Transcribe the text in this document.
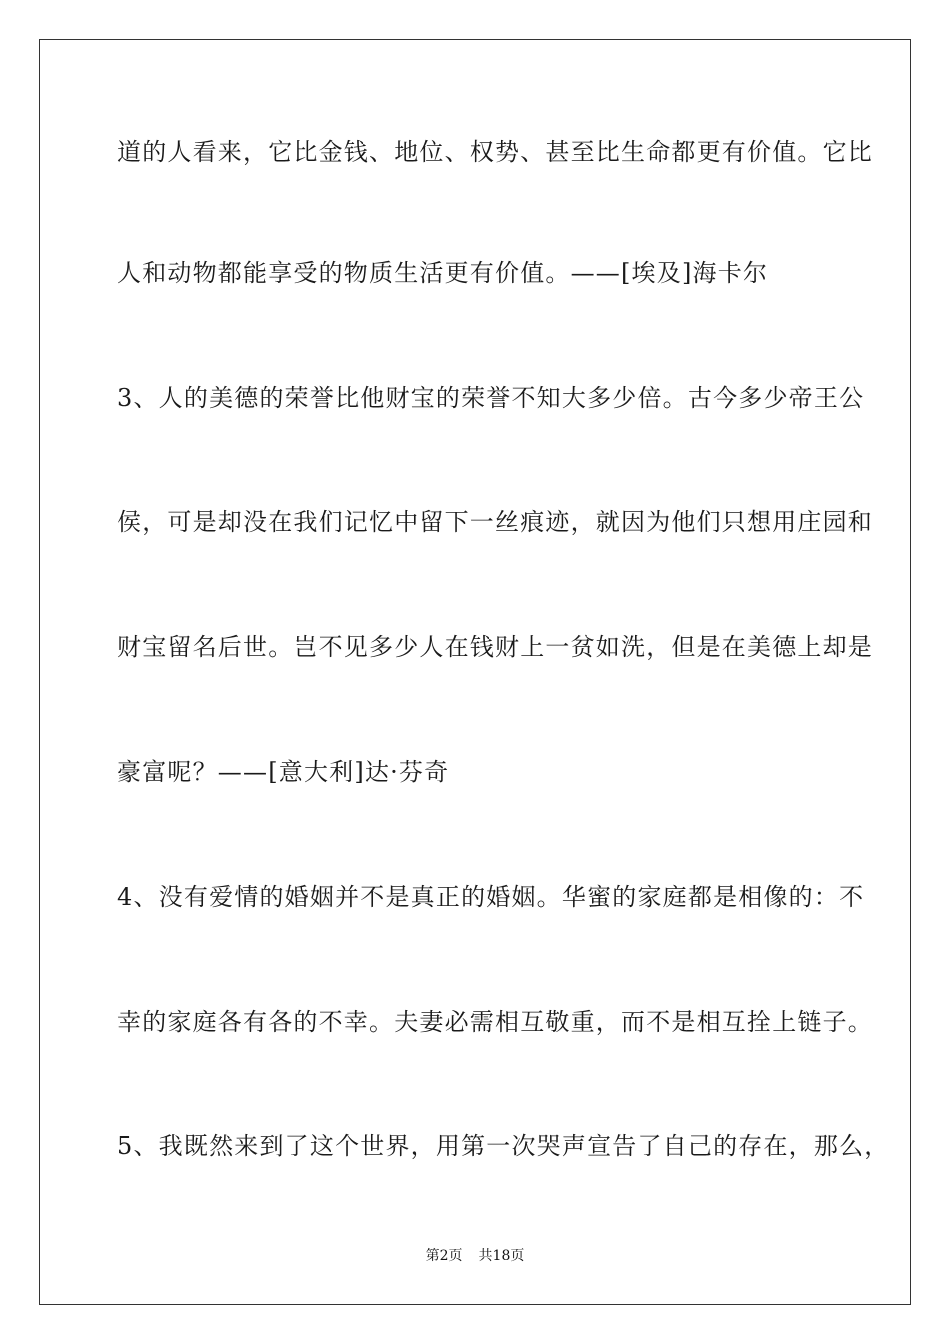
道的人看来，它比金钱、地位、权势、甚至比生命都更有价值。它比
人和动物都能享受的物质生活更有价值。——[埃及]海卡尔
3、人的美德的荣誉比他财宝的荣誉不知大多少倍。古今多少帝王公
侯，可是却没在我们记忆中留下一丝痕迹，就因为他们只想用庄园和
财宝留名后世。岂不见多少人在钱财上一贫如洗，但是在美德上却是
豪富呢？——[意大利]达·芬奇
4、没有爱情的婚姻并不是真正的婚姻。华蜜的家庭都是相像的：不
幸的家庭各有各的不幸。夫妻必需相互敬重，而不是相互拴上链子。
5、我既然来到了这个世界，用第一次哭声宣告了自己的存在，那么，
第2页 共18页
